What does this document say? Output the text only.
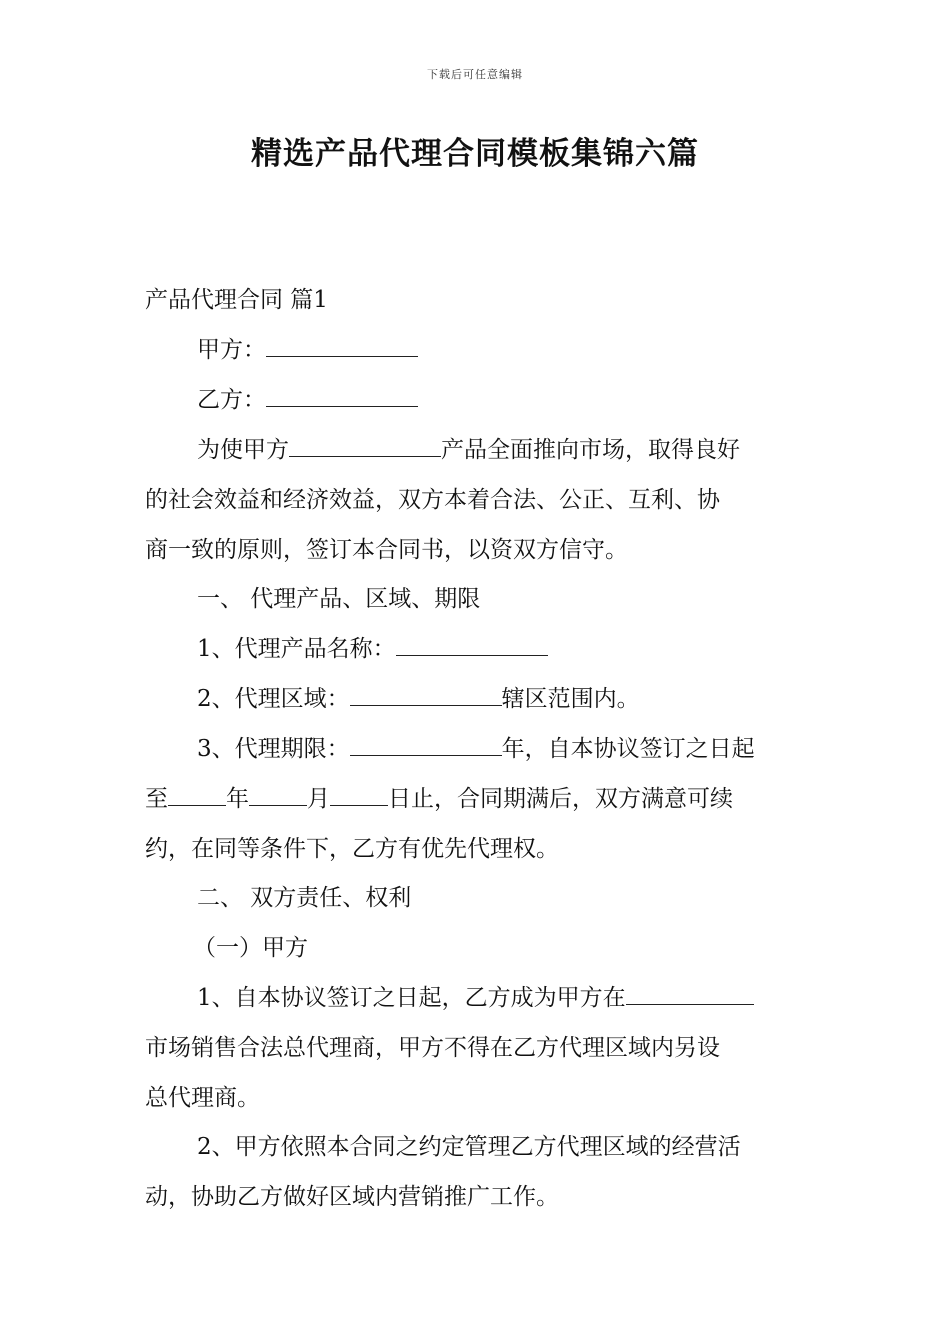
下载后可任意编辑
精选产品代理合同模板集锦六篇
产品代理合同 篇1
甲方：
乙方：
为使甲方	产品全面推向市场，取得良好
的社会效益和经济效益，双方本着合法、公正、互利、协
商一致的原则，签订本合同书，以资双方信守。
一、 代理产品、区域、期限
1、代理产品名称：
2、代理区域：	辖区范围内。
3、代理期限：	年，自本协议签订之日起
至	年	月	日止，合同期满后，双方满意可续
约，在同等条件下，乙方有优先代理权。
二、 双方责任、权利
（一）甲方
1、自本协议签订之日起，乙方成为甲方在
市场销售合法总代理商，甲方不得在乙方代理区域内另设
总代理商。
2、甲方依照本合同之约定管理乙方代理区域的经营活
动，协助乙方做好区域内营销推广工作。
